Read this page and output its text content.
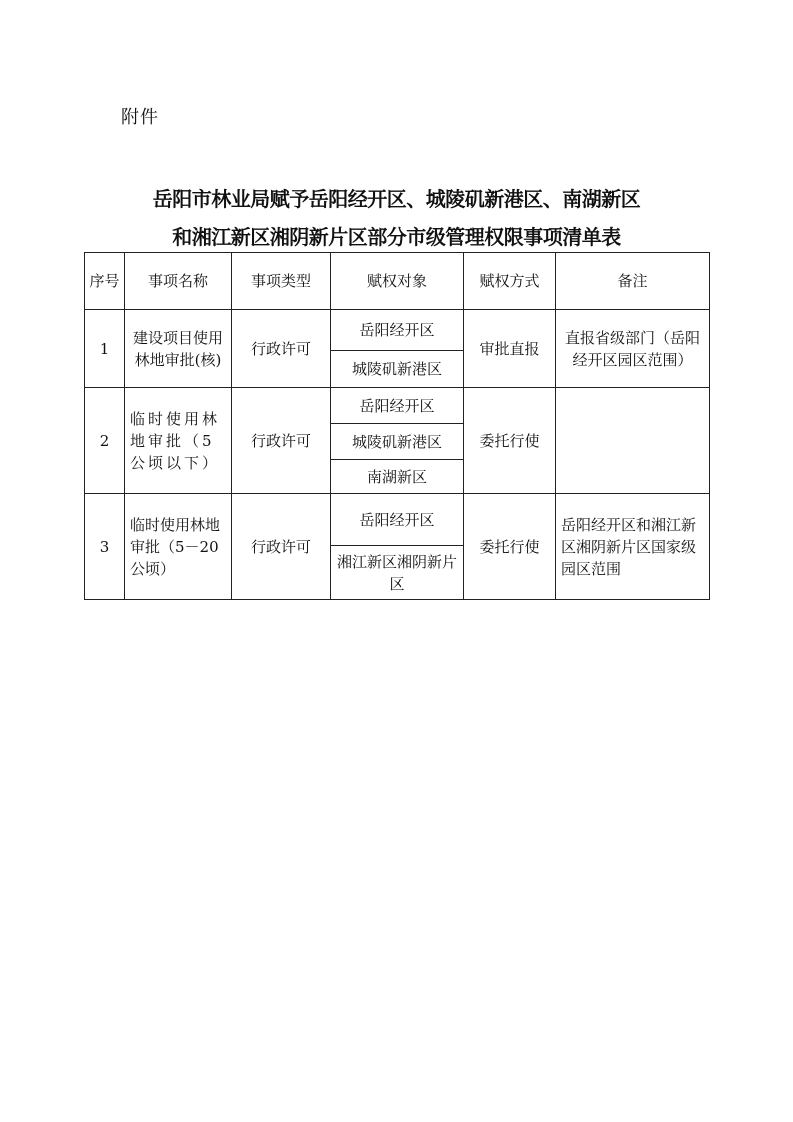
附件
岳阳市林业局赋予岳阳经开区、城陵矶新港区、南湖新区
和湘江新区湘阴新片区部分市级管理权限事项清单表
序号	事项名称	事项类型	赋权对象	赋权方式	备注
1	建设项目使用林地审批(核)	行政许可	岳阳经开区	审批直报	直报省级部门（岳阳经开区园区范围）
			城陵矶新港区		
2	临时使用林地审批（5公顷以下）	行政许可	岳阳经开区	委托行使	
			城陵矶新港区		
			南湖新区		
3	临时使用林地审批（5－20公顷）	行政许可	岳阳经开区	委托行使	岳阳经开区和湘江新区湘阴新片区国家级园区范围
			湘江新区湘阴新片区		
